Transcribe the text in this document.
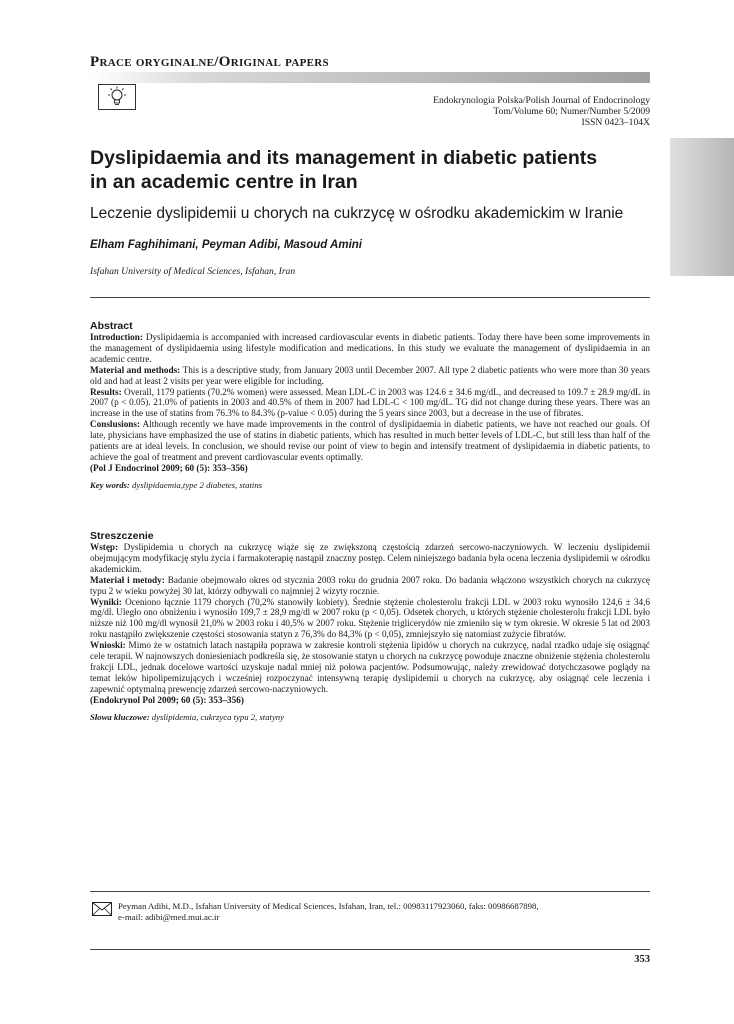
Prace oryginalne/Original papers
Endokrynologia Polska/Polish Journal of Endocrinology
Tom/Volume 60; Numer/Number 5/2009
ISSN 0423–104X
Dyslipidaemia and its management in diabetic patients
in an academic centre in Iran
Leczenie dyslipidemii u chorych na cukrzycę w ośrodku akademickim w Iranie
Elham Faghihimani, Peyman Adibi, Masoud Amini
Isfahan University of Medical Sciences, Isfahan, Iran
Abstract

Introduction: Dyslipidaemia is accompanied with increased cardiovascular events in diabetic patients. Today there have been some improvements in the management of dyslipidaemia using lifestyle modification and medications. In this study we evaluate the management of dyslipidaemia in an academic centre.

Material and methods: This is a descriptive study, from January 2003 until December 2007. All type 2 diabetic patients who were more than 30 years old and had at least 2 visits per year were eligible for including.

Results: Overall, 1179 patients (70.2% women) were assessed. Mean LDL-C in 2003 was 124.6 ± 34.6 mg/dL, and decreased to 109.7 ± 28.9 mg/dL in 2007 (p < 0.05). 21.0% of patients in 2003 and 40.5% of them in 2007 had LDL-C < 100 mg/dL. TG did not change during these years. There was an increase in the use of statins from 76.3% to 84.3% (p-value < 0.05) during the 5 years since 2003, but a decrease in the use of fibrates.

Conslusions: Although recently we have made improvements in the control of dyslipidaemia in diabetic patients, we have not reached our goals. Of late, physicians have emphasized the use of statins in diabetic patients, which has resulted in much better levels of LDL-C, but still less than half of the patients are at ideal levels. In conclusion, we should revise our point of view to begin and intensify treatment of dyslipidaemia in diabetic patients, to achieve the goal of treatment and prevent cardiovascular events optimally.

(Pol J Endocrinol 2009; 60 (5): 353–356)

Key words: dyslipidaemia,type 2 diabetes, statins
Streszczenie

Wstęp: Dyslipidemia u chorych na cukrzycę wiąże się ze zwiększoną częstością zdarzeń sercowo-naczyniowych. W leczeniu dyslipidemii obejmującym modyfikację stylu życia i farmakoterapię nastąpił znaczny postęp. Celem niniejszego badania była ocena leczenia dyslipidemii w ośrodku akademickim.

Materiał i metody: Badanie obejmowało okres od stycznia 2003 roku do grudnia 2007 roku. Do badania włączono wszystkich chorych na cukrzycę typu 2 w wieku powyżej 30 lat, którzy odbywali co najmniej 2 wizyty rocznie.

Wyniki: Oceniono łącznie 1179 chorych (70,2% stanowiły kobiety). Średnie stężenie cholesterolu frakcji LDL w 2003 roku wynosiło 124,6 ± 34,6 mg/dl. Uległo ono obniżeniu i wynosiło 109,7 ± 28,9 mg/dl w 2007 roku (p < 0,05). Odsetek chorych, u których stężenie cholesterolu frakcji LDL było niższe niż 100 mg/dl wynosił 21,0% w 2003 roku i 40,5% w 2007 roku. Stężenie triglicerydów nie zmieniło się w tym okresie. W okresie 5 lat od 2003 roku nastąpiło zwiększenie częstości stosowania statyn z 76,3% do 84,3% (p < 0,05), zmniejszyło się natomiast zużycie fibratów.

Wnioski: Mimo że w ostatnich latach nastąpiła poprawa w zakresie kontroli stężenia lipidów u chorych na cukrzycę, nadal rzadko udaje się osiągnąć cele terapii. W najnowszych doniesieniach podkreśla się, że stosowanie statyn u chorych na cukrzycę powoduje znaczne obniżenie stężenia cholesterolu frakcji LDL, jednak docelowe wartości uzyskuje nadal mniej niż połowa pacjentów. Podsumowując, należy zrewidować dotychczasowe poglądy na temat leków hipolipemizujących i wcześniej rozpoczynać intensywną terapię dyslipidemii u chorych na cukrzycę, aby osiągnąć cele leczenia i zapewnić optymalną prewencję zdarzeń sercowo-naczyniowych.

(Endokrynol Pol 2009; 60 (5): 353–356)

Słowa kluczowe: dyslipidemia, cukrzyca typu 2, statyny
Peyman Adibi, M.D., Isfahan University of Medical Sciences, Isfahan, Iran, tel.: 00983117923060, faks: 00986687898,
e-mail: adibi@med.mui.ac.ir
353
